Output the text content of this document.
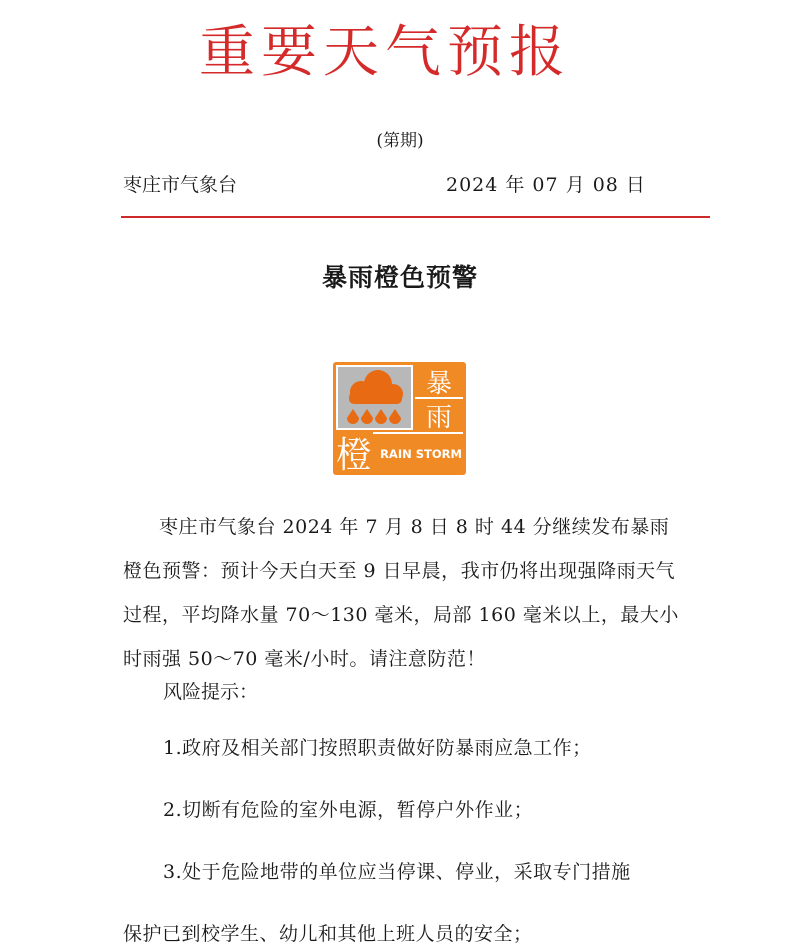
重要天气预报
(第期)
枣庄市气象台	2024 年 07 月 08 日
暴雨橙色预警
暴
雨
橙 RAIN STORM
枣庄市气象台 2024 年 7 月 8 日 8 时 44 分继续发布暴雨橙色预警：预计今天白天至 9 日早晨，我市仍将出现强降雨天气过程，平均降水量 70～130 毫米，局部 160 毫米以上，最大小时雨强 50～70 毫米/小时。请注意防范！
风险提示：
1.政府及相关部门按照职责做好防暴雨应急工作；
2.切断有危险的室外电源，暂停户外作业；
3.处于危险地带的单位应当停课、停业，采取专门措施
保护已到校学生、幼儿和其他上班人员的安全；
